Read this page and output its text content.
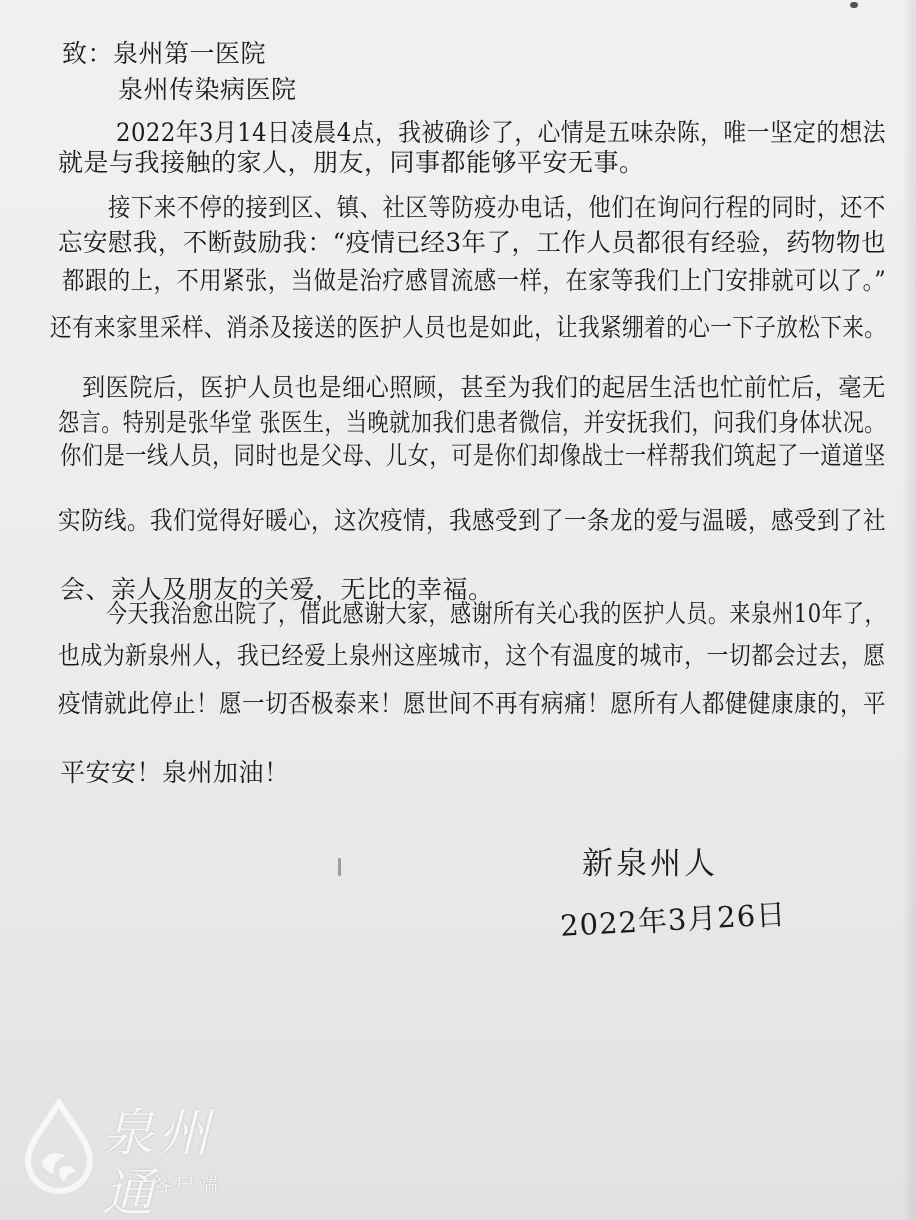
致：泉州第一医院
泉州传染病医院
2022年3月14日凌晨4点，我被确诊了，心情是五味杂陈，唯一坚定的想法
就是与我接触的家人，朋友，同事都能够平安无事。
接下来不停的接到区、镇、社区等防疫办电话，他们在询问行程的同时，还不
忘安慰我，不断鼓励我：“疫情已经3年了，工作人员都很有经验，药物物也
都跟的上，不用紧张，当做是治疗感冒流感一样，在家等我们上门安排就可以了。”
还有来家里采样、消杀及接送的医护人员也是如此，让我紧绷着的心一下子放松下来。
到医院后，医护人员也是细心照顾，甚至为我们的起居生活也忙前忙后，毫无
怨言。特别是张华堂 张医生，当晚就加我们患者微信，并安抚我们，问我们身体状况。
你们是一线人员，同时也是父母、儿女，可是你们却像战士一样帮我们筑起了一道道坚
实防线。我们觉得好暖心，这次疫情，我感受到了一条龙的爱与温暖，感受到了社
会、亲人及朋友的关爱，无比的幸福。
今天我治愈出院了，借此感谢大家，感谢所有关心我的医护人员。来泉州10年了，
也成为新泉州人，我已经爱上泉州这座城市，这个有温度的城市，一切都会过去，愿
疫情就此停止！愿一切否极泰来！愿世间不再有病痛！愿所有人都健健康康的，平
平安安！泉州加油！
新泉州人
2022年3月26日
泉州通
客户端
